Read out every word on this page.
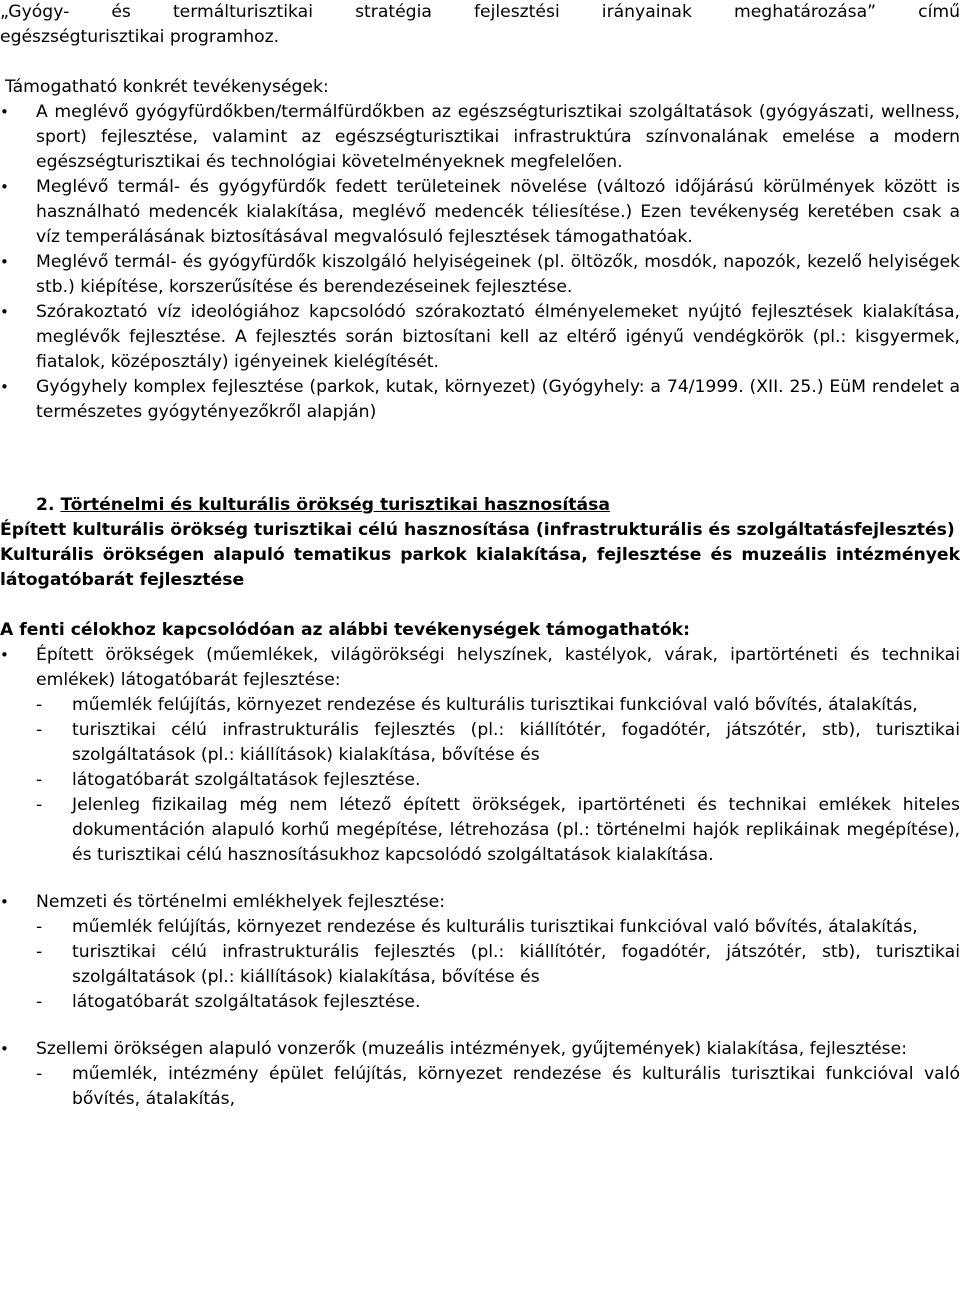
„Gyógy- és termálturisztikai stratégia fejlesztési irányainak meghatározása” című

egészségturisztikai programhoz.

Támogatható konkrét tevékenységek:

• A meglévő gyógyfürdőkben/termálfürdőkben az egészségturisztikai szolgáltatások (gyógyászati, wellness, sport) fejlesztése, valamint az egészségturisztikai infrastruktúra színvonalának emelése a modern egészségturisztikai és technológiai követelményeknek megfelelően.

• Meglévő termál- és gyógyfürdők fedett területeinek növelése (változó időjárású körülmények között is használható medencék kialakítása, meglévő medencék téliesítése.) Ezen tevékenység keretében csak a víz temperálásának biztosításával megvalósuló fejlesztések támogathatóak.

• Meglévő termál- és gyógyfürdők kiszolgáló helyiségeinek (pl. öltözők, mosdók, napozók, kezelő helyiségek stb.) kiépítése, korszerűsítése és berendezéseinek fejlesztése.

• Szórakoztató víz ideológiához kapcsolódó szórakoztató élményelemeket nyújtó fejlesztések kialakítása, meglévők fejlesztése. A fejlesztés során biztosítani kell az eltérő igényű vendégkörök (pl.: kisgyermek, fiatalok, középosztály) igényeinek kielégítését.

• Gyógyhely komplex fejlesztése (parkok, kutak, környezet) (Gyógyhely: a 74/1999. (XII. 25.) EüM rendelet a természetes gyógytényezőkről alapján)

2. Történelmi és kulturális örökség turisztikai hasznosítása

Épített kulturális örökség turisztikai célú hasznosítása (infrastrukturális és szolgáltatásfejlesztés)

Kulturális örökségen alapuló tematikus parkok kialakítása, fejlesztése és muzeális intézmények látogatóbarát fejlesztése

A fenti célokhoz kapcsolódóan az alábbi tevékenységek támogathatók:

• Épített örökségek (műemlékek, világörökségi helyszínek, kastélyok, várak, ipartörténeti és technikai emlékek) látogatóbarát fejlesztése:

- műemlék felújítás, környezet rendezése és kulturális turisztikai funkcióval való bővítés, átalakítás,

- turisztikai célú infrastrukturális fejlesztés (pl.: kiállítótér, fogadótér, játszótér, stb), turisztikai szolgáltatások (pl.: kiállítások) kialakítása, bővítése és

- látogatóbarát szolgáltatások fejlesztése.

- Jelenleg fizikailag még nem létező épített örökségek, ipartörténeti és technikai emlékek hiteles dokumentáción alapuló korhű megépítése, létrehozása (pl.: történelmi hajók replikáinak megépítése), és turisztikai célú hasznosításukhoz kapcsolódó szolgáltatások kialakítása.

• Nemzeti és történelmi emlékhelyek fejlesztése:

- műemlék felújítás, környezet rendezése és kulturális turisztikai funkcióval való bővítés, átalakítás,

- turisztikai célú infrastrukturális fejlesztés (pl.: kiállítótér, fogadótér, játszótér, stb), turisztikai szolgáltatások (pl.: kiállítások) kialakítása, bővítése és

- látogatóbarát szolgáltatások fejlesztése.

• Szellemi örökségen alapuló vonzerők (muzeális intézmények, gyűjtemények) kialakítása, fejlesztése:

- műemlék, intézmény épület felújítás, környezet rendezése és kulturális turisztikai funkcióval való bővítés, átalakítás,
